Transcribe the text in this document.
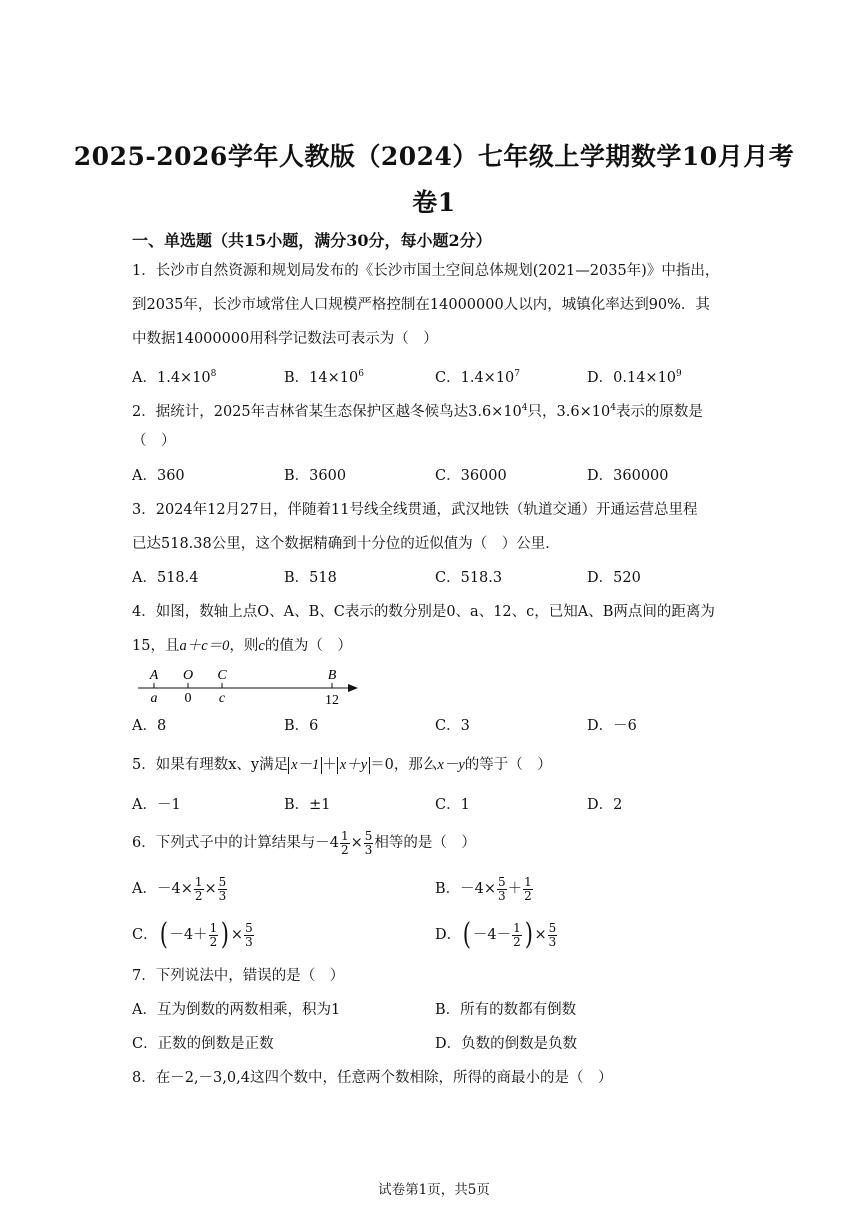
2025-2026学年人教版（2024）七年级上学期数学10月月考
卷1
一、单选题（共15小题，满分30分，每小题2分）
1．长沙市自然资源和规划局发布的《长沙市国土空间总体规划(2021—2035年)》中指出，
到2035年，长沙市域常住人口规模严格控制在14000000人以内，城镇化率达到90%．其
中数据14000000用科学记数法可表示为（　）
A．$1.4\times 10^8$	B．$14\times 10^6$	C．$1.4\times 10^7$	D．$0.14\times 10^9$
2．据统计，2025年吉林省某生态保护区越冬候鸟达$3.6\times 10^4$只，$3.6\times 10^4$表示的原数是
（　）
A．360	B．3600	C．36000	D．360000
3．2024年12月27日，伴随着11号线全线贯通，武汉地铁（轨道交通）开通运营总里程
已达518.38公里，这个数据精确到十分位的近似值为（　）公里．
A．518.4	B．518	C．518.3	D．520
4．如图，数轴上点O、A、B、C表示的数分别是0、a、12、c，已知A、B两点间的距离为
15，且a＋c＝0，则c的值为（　）
A O C	B
a 0 c	12
A．8	B．6	C．3	D．－6
5．如果有理数x、y满足 x－1 ＋ x＋y ＝0，那么x－y的等于（　）
A．－1	B．±1	C．1	D．2
6．下列式子中的计算结果与$-4 \frac{1}{2} \times \frac{5}{3}$ 相等的是（　）
A．$-4\times \frac{1}{2} \times \frac{5}{3}$	B．$-4\times \frac{5}{3} + \frac{1}{2}$
C．( $-4+ \frac{1}{2}$ ) × $\frac{5}{3}$	D．( $-4- \frac{1}{2}$ ) × $\frac{5}{3}$
7．下列说法中，错误的是（　）
A．互为倒数的两数相乘，积为1	B．所有的数都有倒数
C．正数的倒数是正数	D．负数的倒数是负数
8．在－2,－3,0,4这四个数中，任意两个数相除，所得的商最小的是（　）
试卷第1页，共5页
